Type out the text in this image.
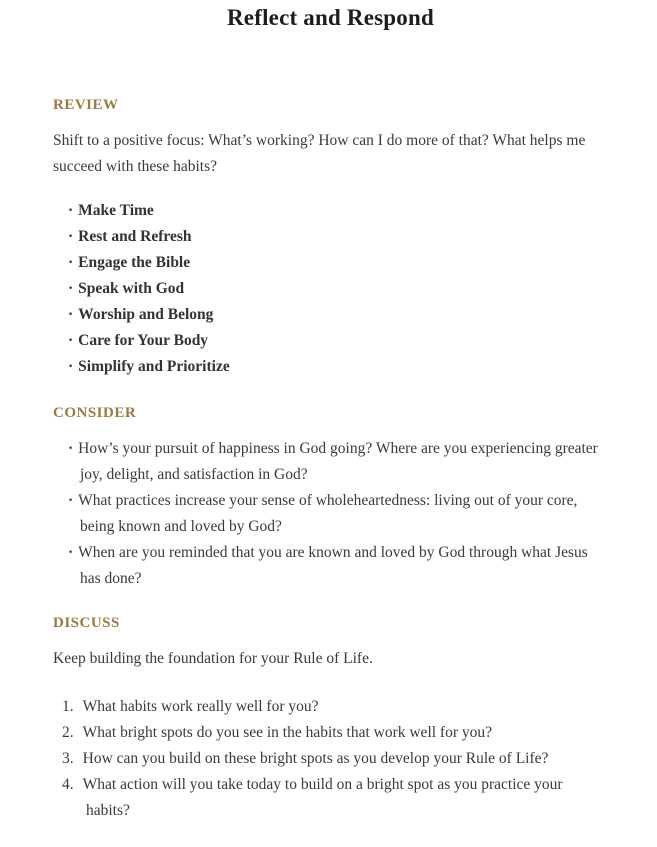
Reflect and Respond
REVIEW

Shift to a positive focus: What’s working? How can I do more of that? What helps me succeed with these habits?

· Make Time
· Rest and Refresh
· Engage the Bible
· Speak with God
· Worship and Belong
· Care for Your Body
· Simplify and Prioritize
CONSIDER
· How’s your pursuit of happiness in God going? Where are you experiencing greater joy, delight, and satisfaction in God?
· What practices increase your sense of wholeheartedness: living out of your core, being known and loved by God?
· When are you reminded that you are known and loved by God through what Jesus has done?
DISCUSS

Keep building the foundation for your Rule of Life.

What habits work really well for you?
What bright spots do you see in the habits that work well for you?
How can you build on these bright spots as you develop your Rule of Life?
What action will you take today to build on a bright spot as you practice your habits?
